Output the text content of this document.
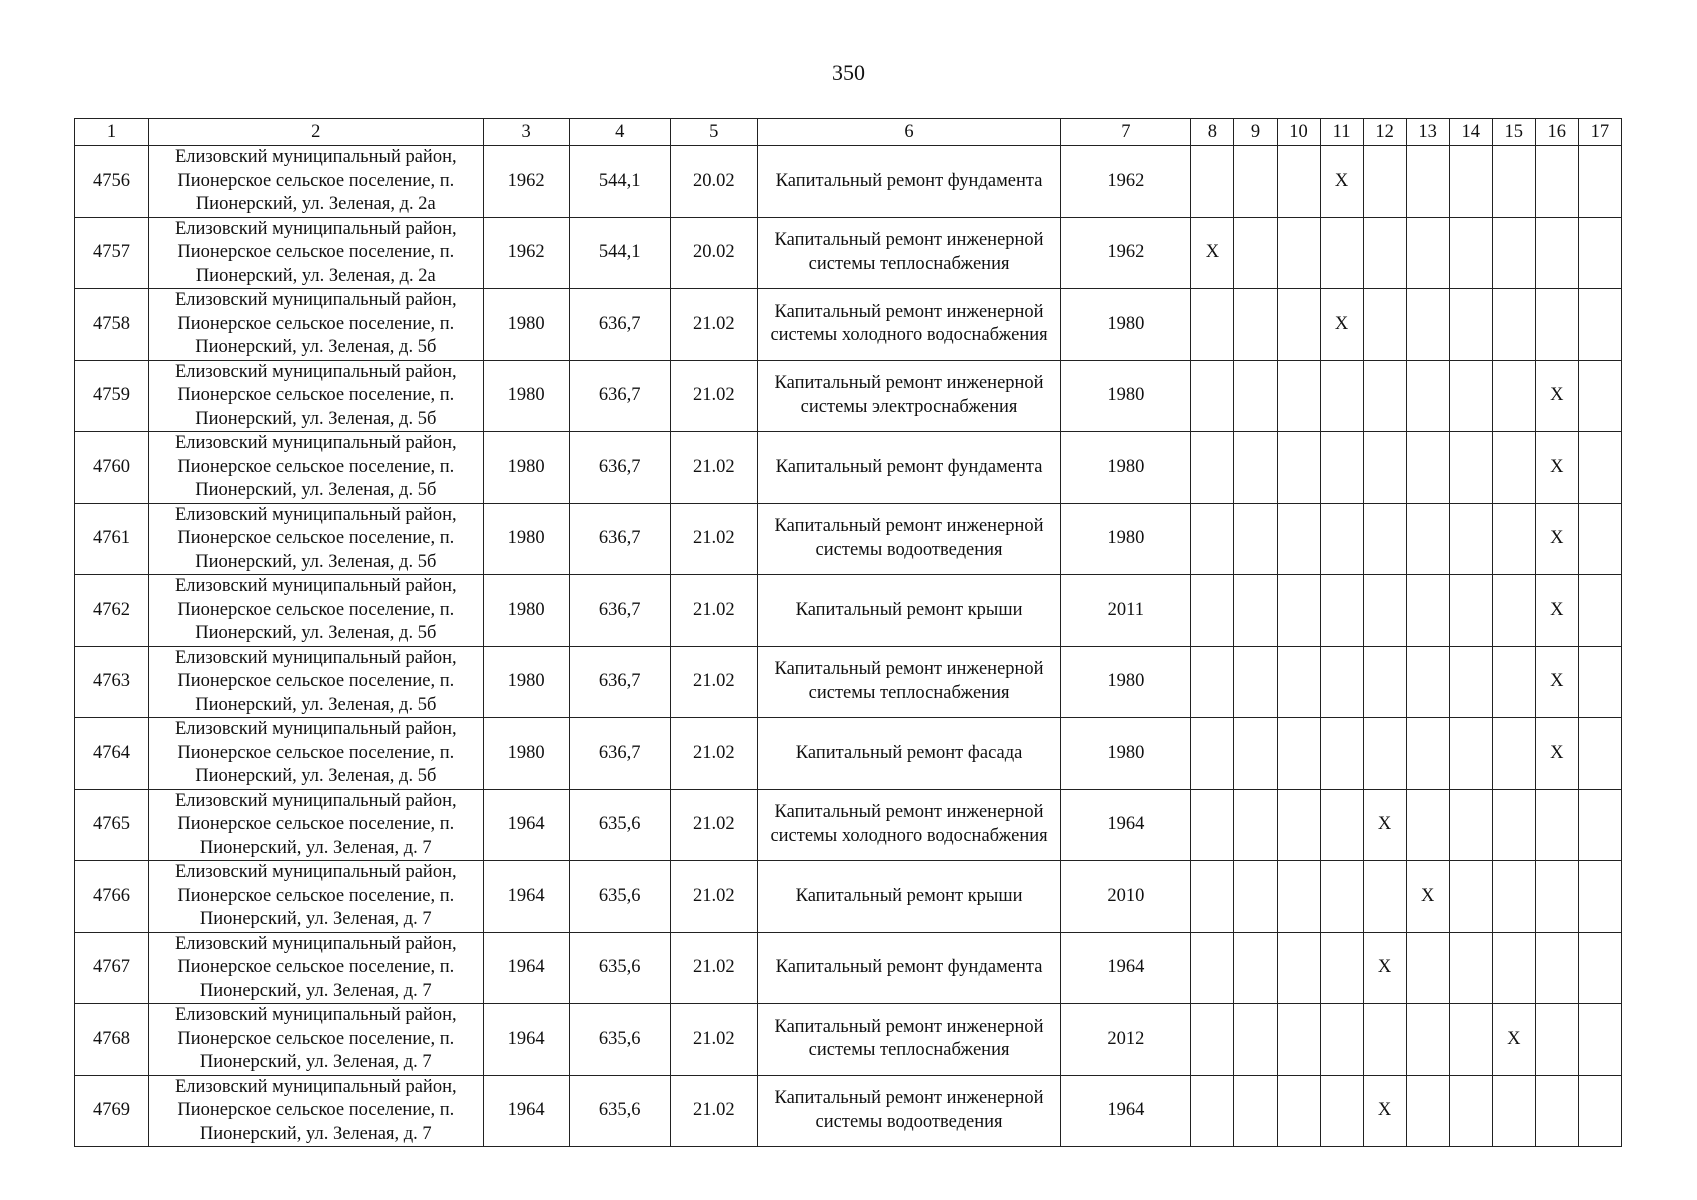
350
1	2	3	4	5	6	7	8	9	10	11	12	13	14	15	16	17
4756	Елизовский муниципальный район, Пионерское сельское поселение, п. Пионерский, ул. Зеленая, д. 2а	1962	544,1	20.02	Капитальный ремонт фундамента	1962				X						
4757	Елизовский муниципальный район, Пионерское сельское поселение, п. Пионерский, ул. Зеленая, д. 2а	1962	544,1	20.02	Капитальный ремонт инженерной системы теплоснабжения	1962	X									
4758	Елизовский муниципальный район, Пионерское сельское поселение, п. Пионерский, ул. Зеленая, д. 5б	1980	636,7	21.02	Капитальный ремонт инженерной системы холодного водоснабжения	1980				X						
4759	Елизовский муниципальный район, Пионерское сельское поселение, п. Пионерский, ул. Зеленая, д. 5б	1980	636,7	21.02	Капитальный ремонт инженерной системы электроснабжения	1980									X	
4760	Елизовский муниципальный район, Пионерское сельское поселение, п. Пионерский, ул. Зеленая, д. 5б	1980	636,7	21.02	Капитальный ремонт фундамента	1980									X	
4761	Елизовский муниципальный район, Пионерское сельское поселение, п. Пионерский, ул. Зеленая, д. 5б	1980	636,7	21.02	Капитальный ремонт инженерной системы водоотведения	1980									X	
4762	Елизовский муниципальный район, Пионерское сельское поселение, п. Пионерский, ул. Зеленая, д. 5б	1980	636,7	21.02	Капитальный ремонт крыши	2011									X	
4763	Елизовский муниципальный район, Пионерское сельское поселение, п. Пионерский, ул. Зеленая, д. 5б	1980	636,7	21.02	Капитальный ремонт инженерной системы теплоснабжения	1980									X	
4764	Елизовский муниципальный район, Пионерское сельское поселение, п. Пионерский, ул. Зеленая, д. 5б	1980	636,7	21.02	Капитальный ремонт фасада	1980									X	
4765	Елизовский муниципальный район, Пионерское сельское поселение, п. Пионерский, ул. Зеленая, д. 7	1964	635,6	21.02	Капитальный ремонт инженерной системы холодного водоснабжения	1964					X					
4766	Елизовский муниципальный район, Пионерское сельское поселение, п. Пионерский, ул. Зеленая, д. 7	1964	635,6	21.02	Капитальный ремонт крыши	2010						X				
4767	Елизовский муниципальный район, Пионерское сельское поселение, п. Пионерский, ул. Зеленая, д. 7	1964	635,6	21.02	Капитальный ремонт фундамента	1964					X					
4768	Елизовский муниципальный район, Пионерское сельское поселение, п. Пионерский, ул. Зеленая, д. 7	1964	635,6	21.02	Капитальный ремонт инженерной системы теплоснабжения	2012								X		
4769	Елизовский муниципальный район, Пионерское сельское поселение, п. Пионерский, ул. Зеленая, д. 7	1964	635,6	21.02	Капитальный ремонт инженерной системы водоотведения	1964					X					
